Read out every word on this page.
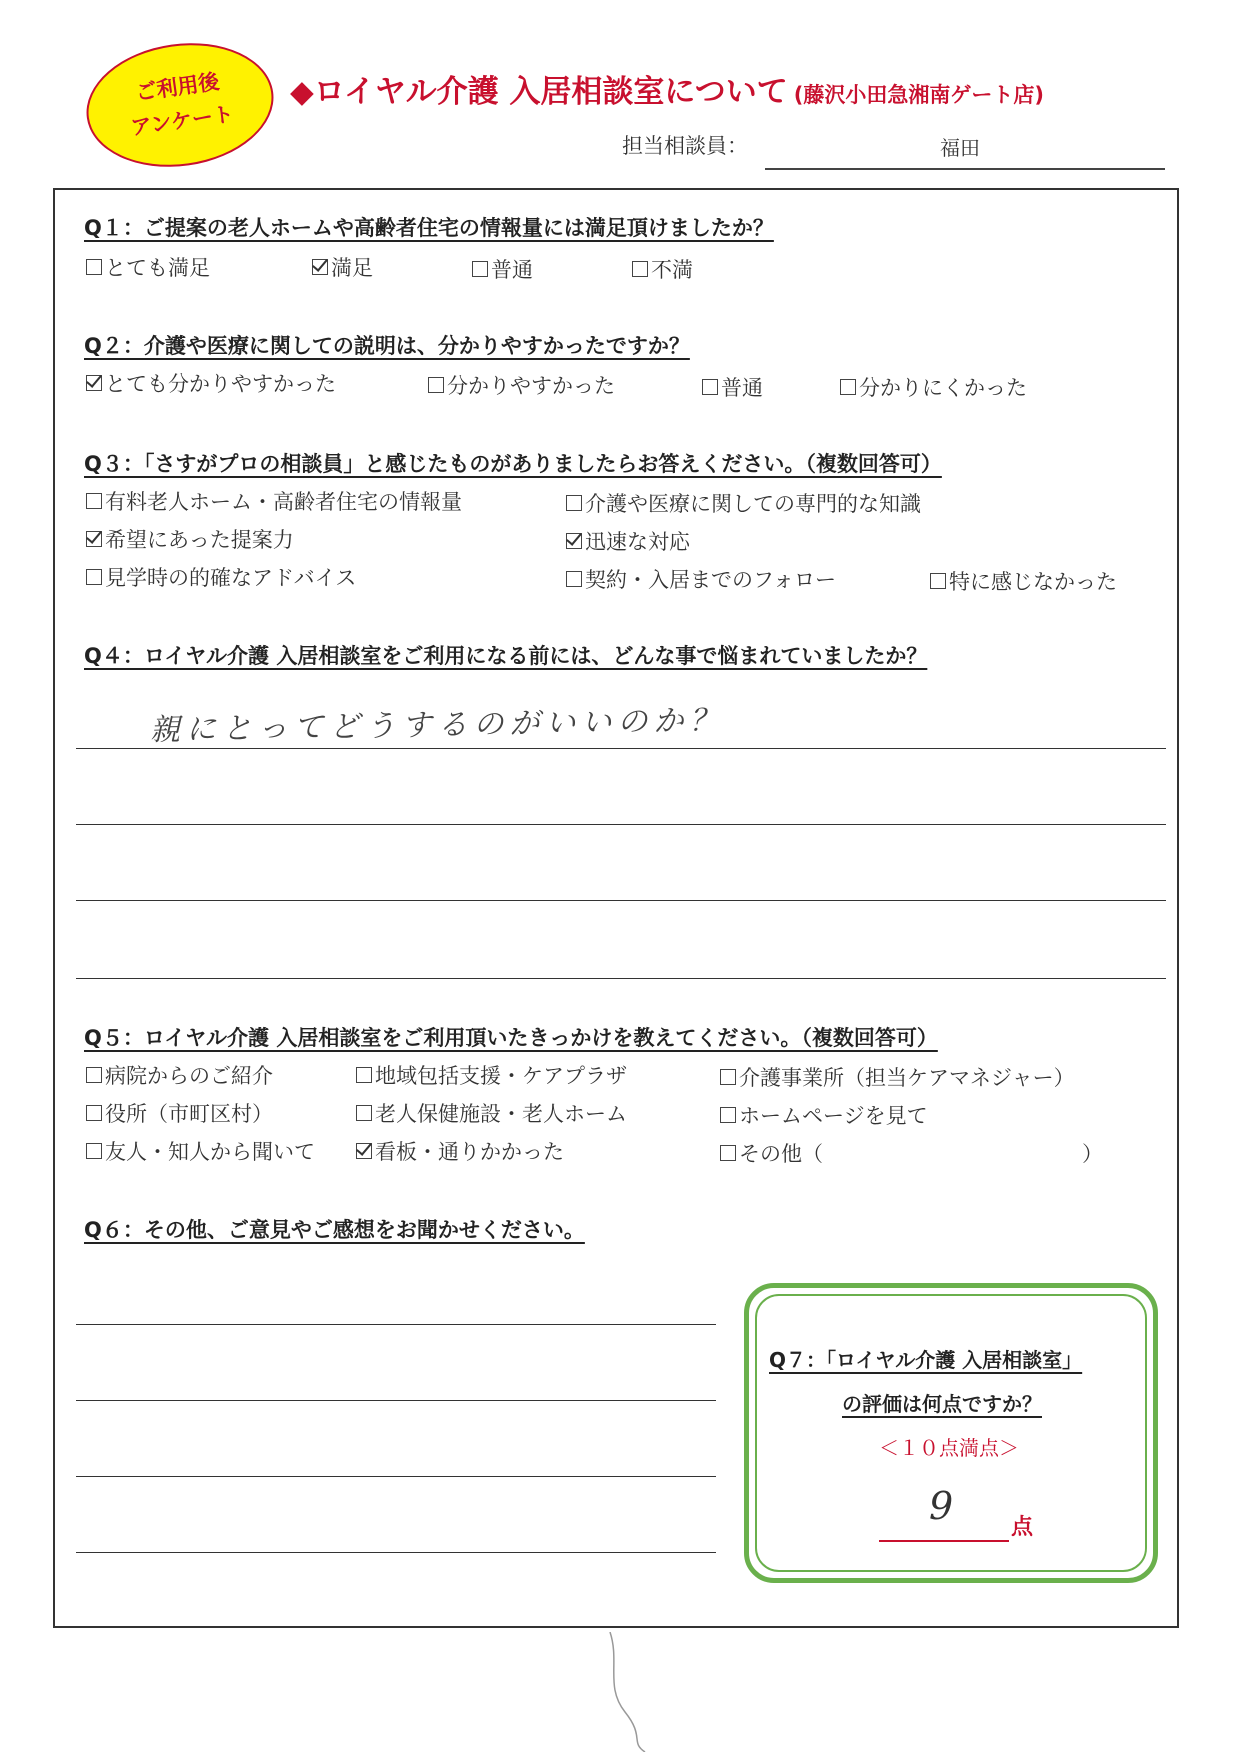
ご利用後
アンケート
◆ロイヤル介護 入居相談室について (藤沢小田急湘南ゲート店)
担当相談員：	福田
Q１：ご提案の老人ホームや高齢者住宅の情報量には満足頂けましたか？
とても満足	満足	普通	不満
Q２：介護や医療に関しての説明は、分かりやすかったですか？
とても分かりやすかった	分かりやすかった	普通	分かりにくかった
Q３：「さすがプロの相談員」と感じたものがありましたらお答えください。（複数回答可）
有料老人ホーム・高齢者住宅の情報量	介護や医療に関しての専門的な知識
希望にあった提案力	迅速な対応
見学時の的確なアドバイス	契約・入居までのフォロー	特に感じなかった
Q４：ロイヤル介護 入居相談室をご利用になる前には、どんな事で悩まれていましたか？
親にとってどうするのがいいのか？
Q５：ロイヤル介護 入居相談室をご利用頂いたきっかけを教えてください。（複数回答可）
病院からのご紹介	地域包括支援・ケアプラザ	介護事業所（担当ケアマネジャー）
役所（市町区村）	老人保健施設・老人ホーム	ホームページを見て
友人・知人から聞いて	看板・通りかかった	その他（	）
Q６：その他、ご意見やご感想をお聞かせください。
Q７：「ロイヤル介護 入居相談室」
の評価は何点ですか？
＜１０点満点＞
9	点
